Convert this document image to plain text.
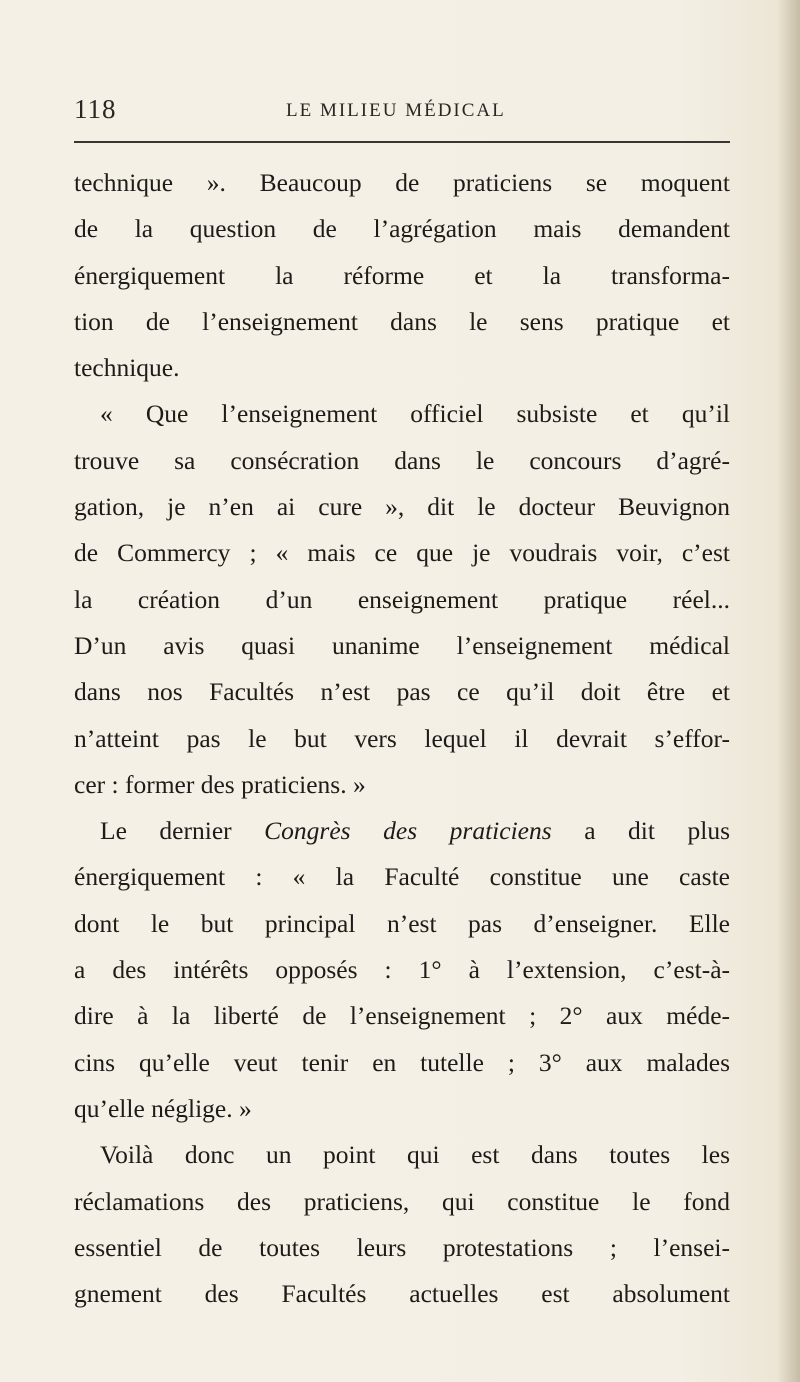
118	LE MILIEU MÉDICAL
technique ». Beaucoup de praticiens se moquent
de la question de l’agrégation mais demandent
énergiquement la réforme et la transforma-
tion de l’enseignement dans le sens pratique et
technique.
« Que l’enseignement officiel subsiste et qu’il
trouve sa consécration dans le concours d’agré-
gation, je n’en ai cure », dit le docteur Beuvignon
de Commercy ; « mais ce que je voudrais voir, c’est
la création d’un enseignement pratique réel...
D’un avis quasi unanime l’enseignement médical
dans nos Facultés n’est pas ce qu’il doit être et
n’atteint pas le but vers lequel il devrait s’effor-
cer : former des praticiens. »
Le dernier Congrès des praticiens a dit plus
énergiquement : « la Faculté constitue une caste
dont le but principal n’est pas d’enseigner. Elle
a des intérêts opposés : 1° à l’extension, c’est-à-
dire à la liberté de l’enseignement ; 2° aux méde-
cins qu’elle veut tenir en tutelle ; 3° aux malades
qu’elle néglige. »
Voilà donc un point qui est dans toutes les
réclamations des praticiens, qui constitue le fond
essentiel de toutes leurs protestations ; l’ensei-
gnement des Facultés actuelles est absolument
